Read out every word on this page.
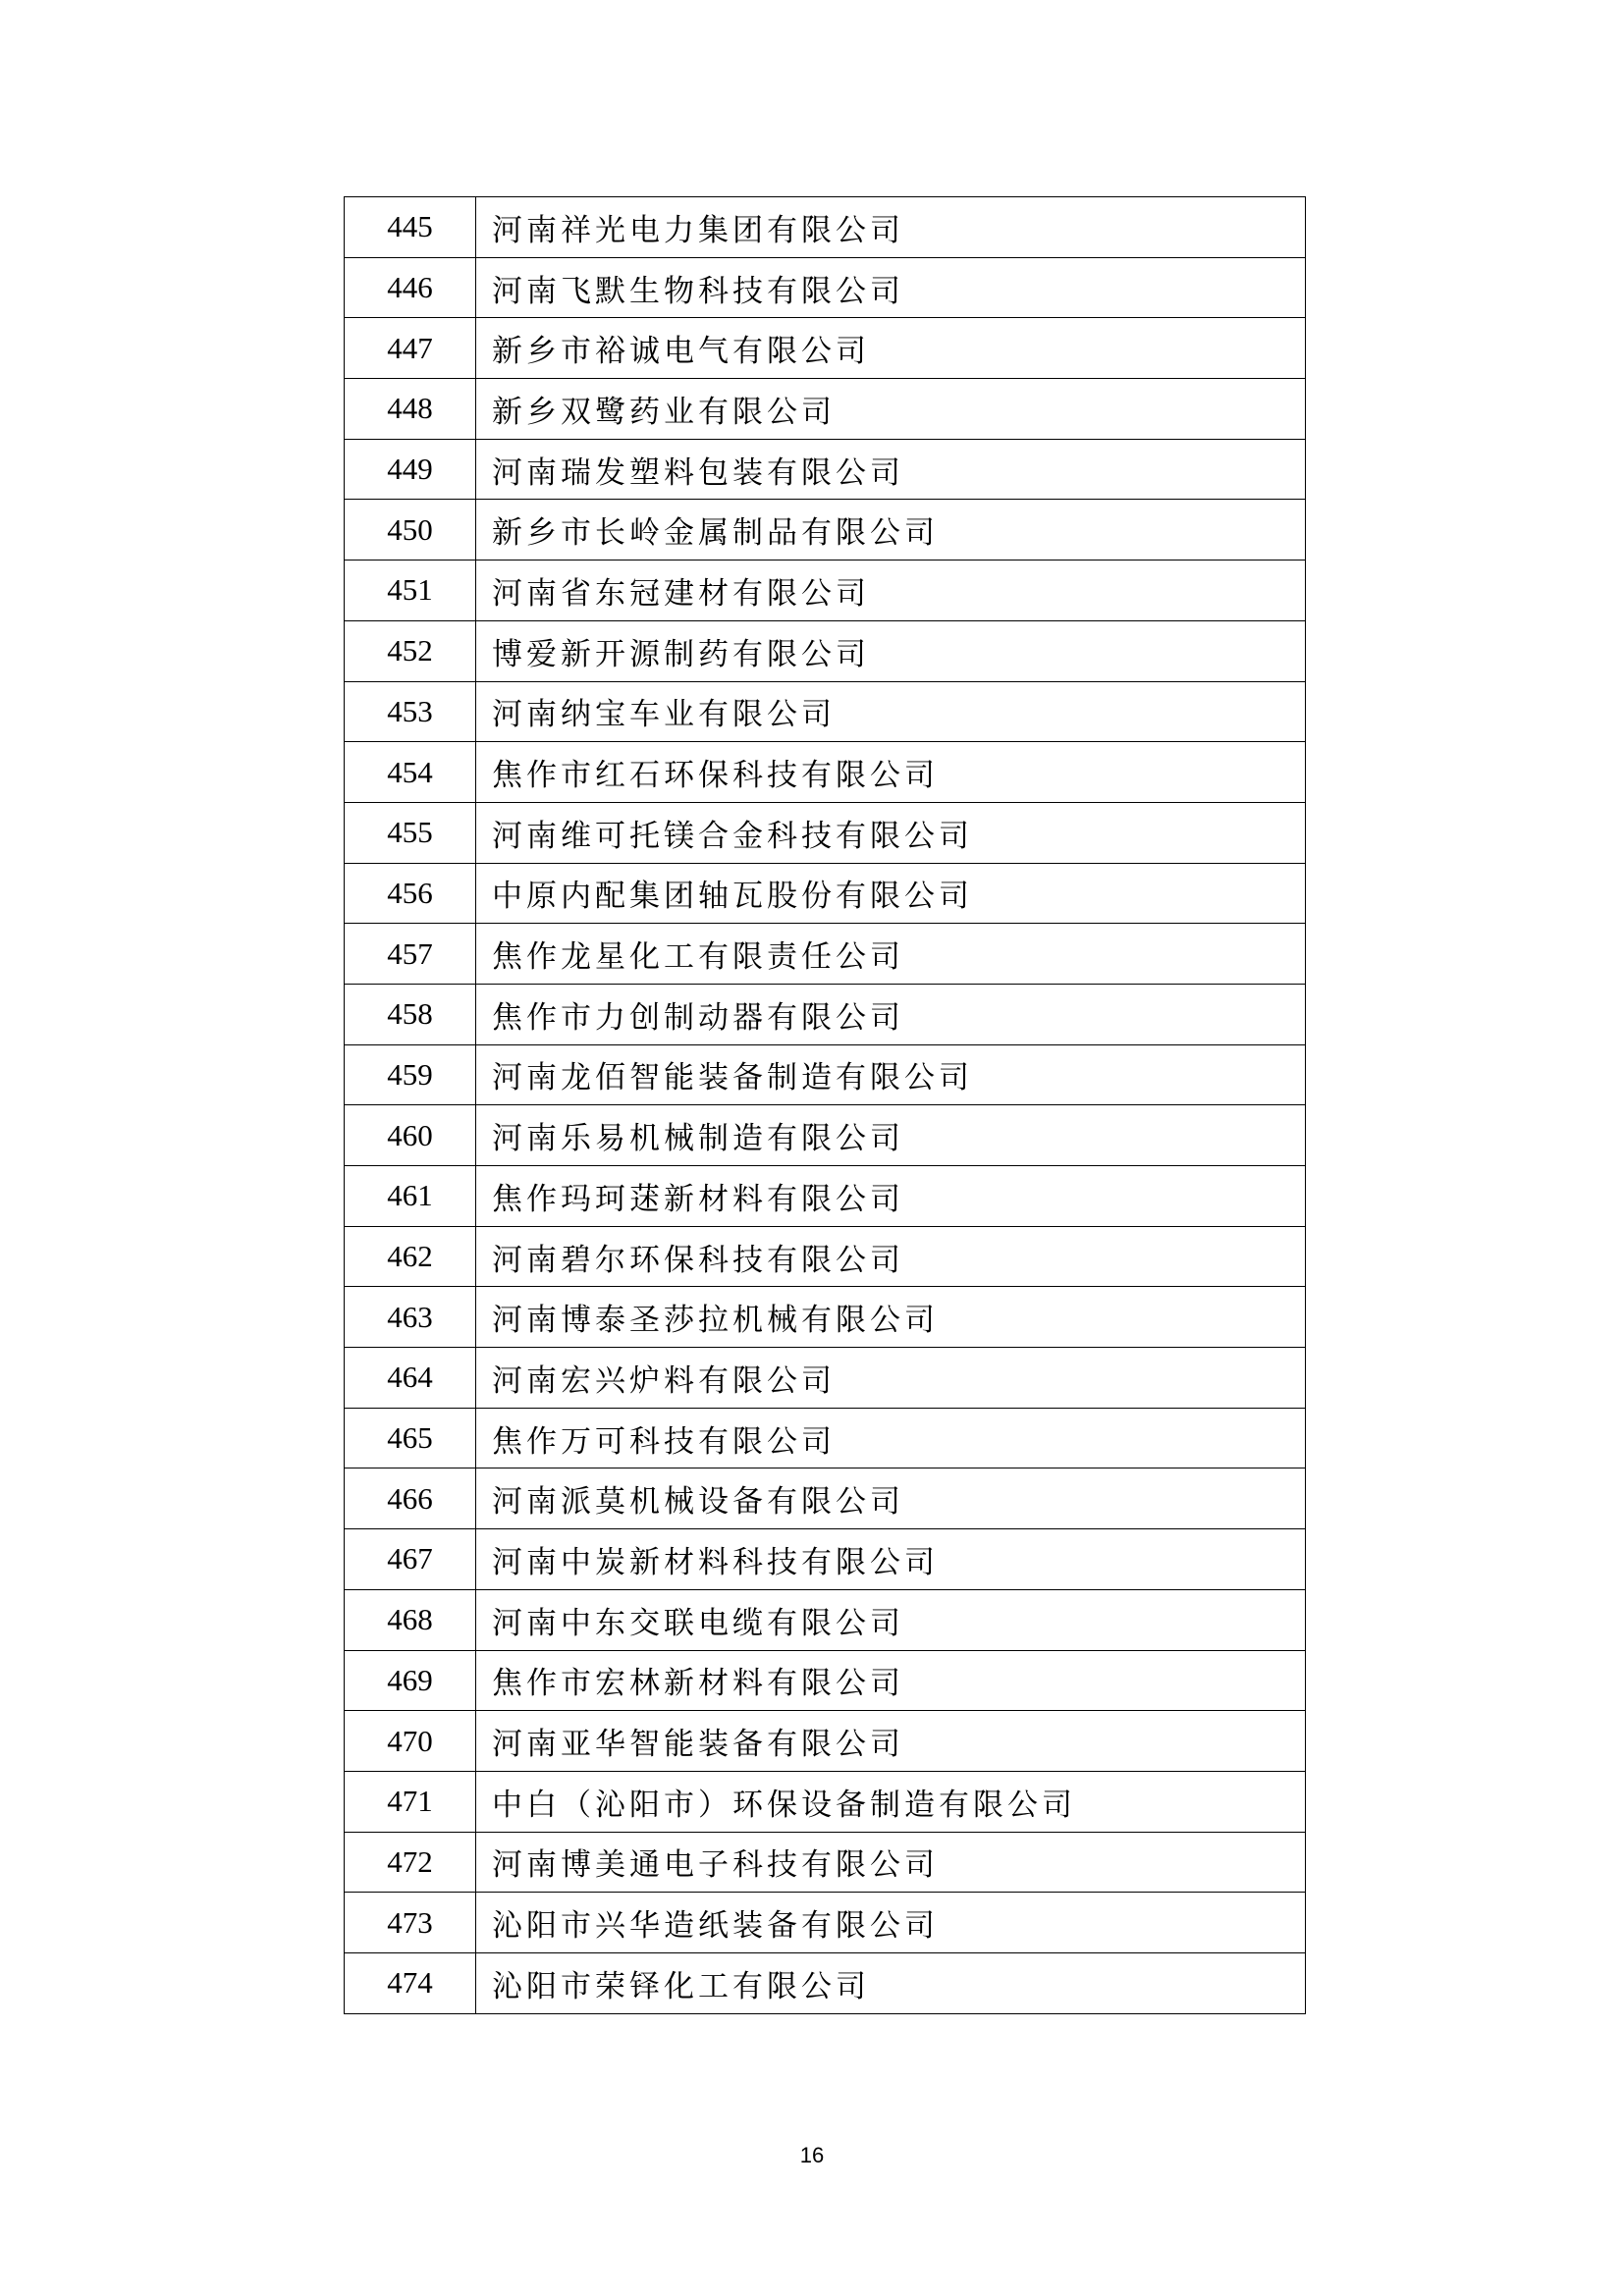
445	河南祥光电力集团有限公司
446	河南飞默生物科技有限公司
447	新乡市裕诚电气有限公司
448	新乡双鹭药业有限公司
449	河南瑞发塑料包装有限公司
450	新乡市长岭金属制品有限公司
451	河南省东冠建材有限公司
452	博爱新开源制药有限公司
453	河南纳宝车业有限公司
454	焦作市红石环保科技有限公司
455	河南维可托镁合金科技有限公司
456	中原内配集团轴瓦股份有限公司
457	焦作龙星化工有限责任公司
458	焦作市力创制动器有限公司
459	河南龙佰智能装备制造有限公司
460	河南乐易机械制造有限公司
461	焦作玛珂蒁新材料有限公司
462	河南碧尔环保科技有限公司
463	河南博泰圣莎拉机械有限公司
464	河南宏兴炉料有限公司
465	焦作万可科技有限公司
466	河南派莫机械设备有限公司
467	河南中炭新材料科技有限公司
468	河南中东交联电缆有限公司
469	焦作市宏林新材料有限公司
470	河南亚华智能装备有限公司
471	中白（沁阳市）环保设备制造有限公司
472	河南博美通电子科技有限公司
473	沁阳市兴华造纸装备有限公司
474	沁阳市荣铎化工有限公司
16
